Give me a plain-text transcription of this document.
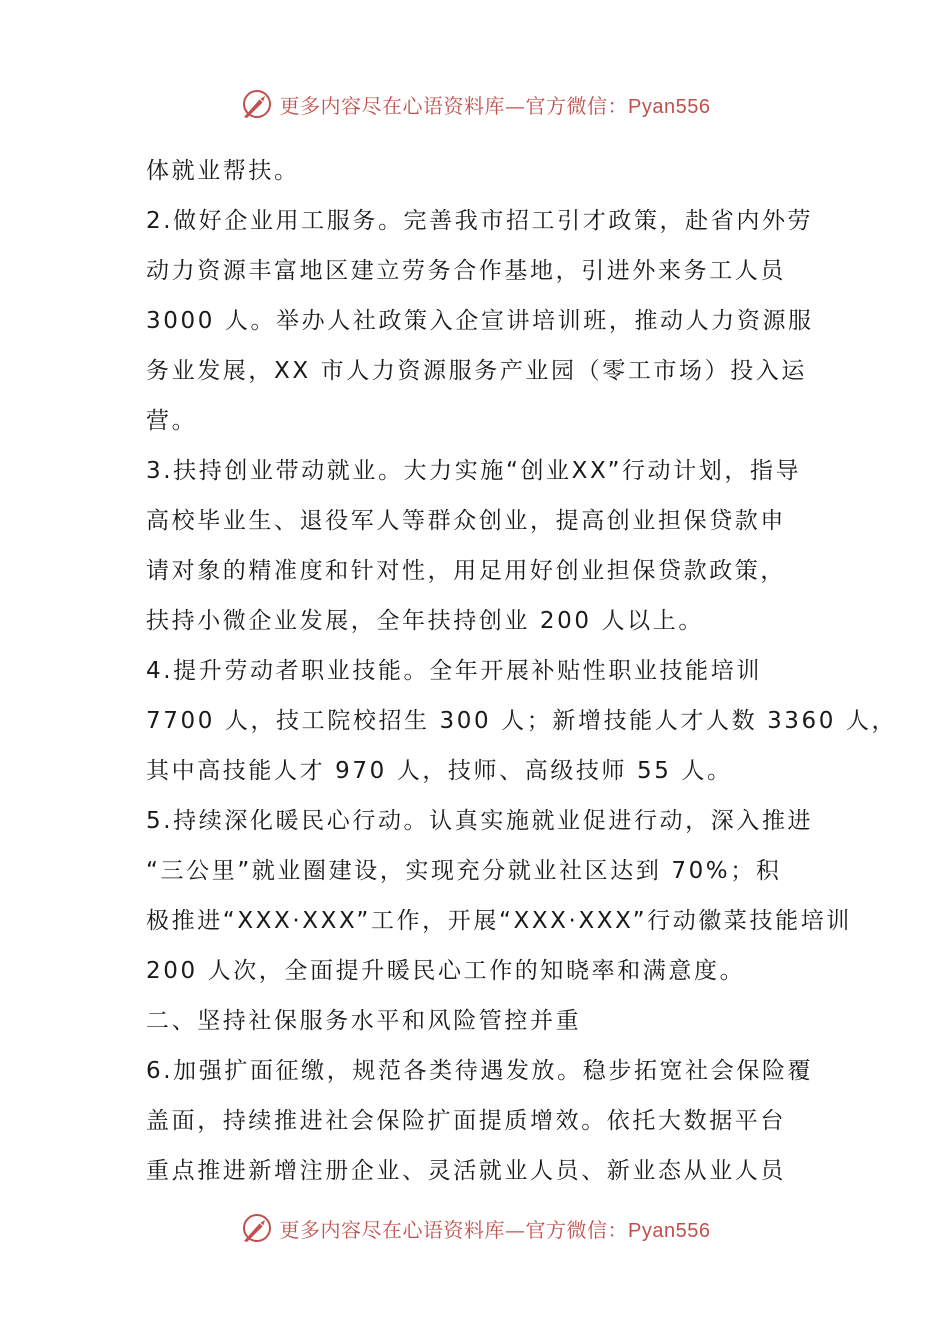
更多内容尽在心语资料库—官方微信：Pyan556
体就业帮扶。
2.做好企业用工服务。完善我市招工引才政策，赴省内外劳
动力资源丰富地区建立劳务合作基地，引进外来务工人员
3000 人。举办人社政策入企宣讲培训班，推动人力资源服
务业发展，XX 市人力资源服务产业园（零工市场）投入运
营。
3.扶持创业带动就业。大力实施“创业XX”行动计划，指导
高校毕业生、退役军人等群众创业，提高创业担保贷款申
请对象的精准度和针对性，用足用好创业担保贷款政策，
扶持小微企业发展，全年扶持创业 200 人以上。
4.提升劳动者职业技能。全年开展补贴性职业技能培训
7700 人，技工院校招生 300 人；新增技能人才人数 3360 人，
其中高技能人才 970 人，技师、高级技师 55 人。
5.持续深化暖民心行动。认真实施就业促进行动，深入推进
“三公里”就业圈建设，实现充分就业社区达到 70%；积
极推进“XXX·XXX”工作，开展“XXX·XXX”行动徽菜技能培训
200 人次，全面提升暖民心工作的知晓率和满意度。
二、坚持社保服务水平和风险管控并重
6.加强扩面征缴，规范各类待遇发放。稳步拓宽社会保险覆
盖面，持续推进社会保险扩面提质增效。依托大数据平台
重点推进新增注册企业、灵活就业人员、新业态从业人员
更多内容尽在心语资料库—官方微信：Pyan556
